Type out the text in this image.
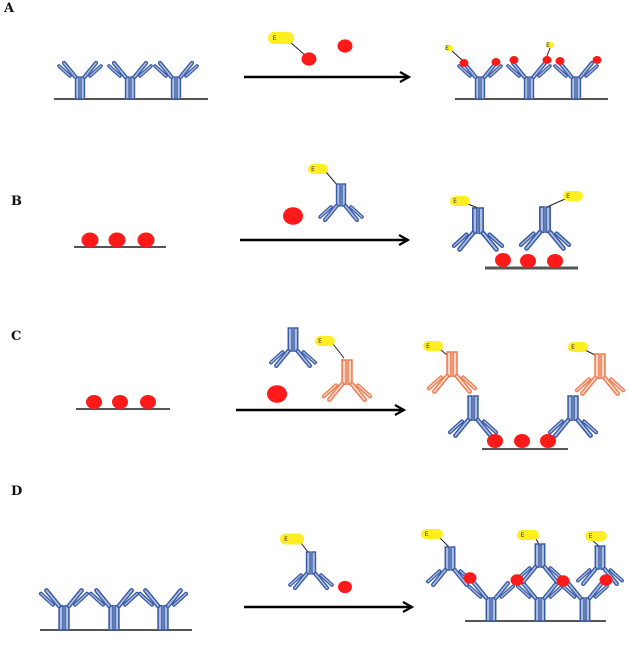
A
B
C
D
E
E	E
E
E
E
E
E	E
E
E	E	E
